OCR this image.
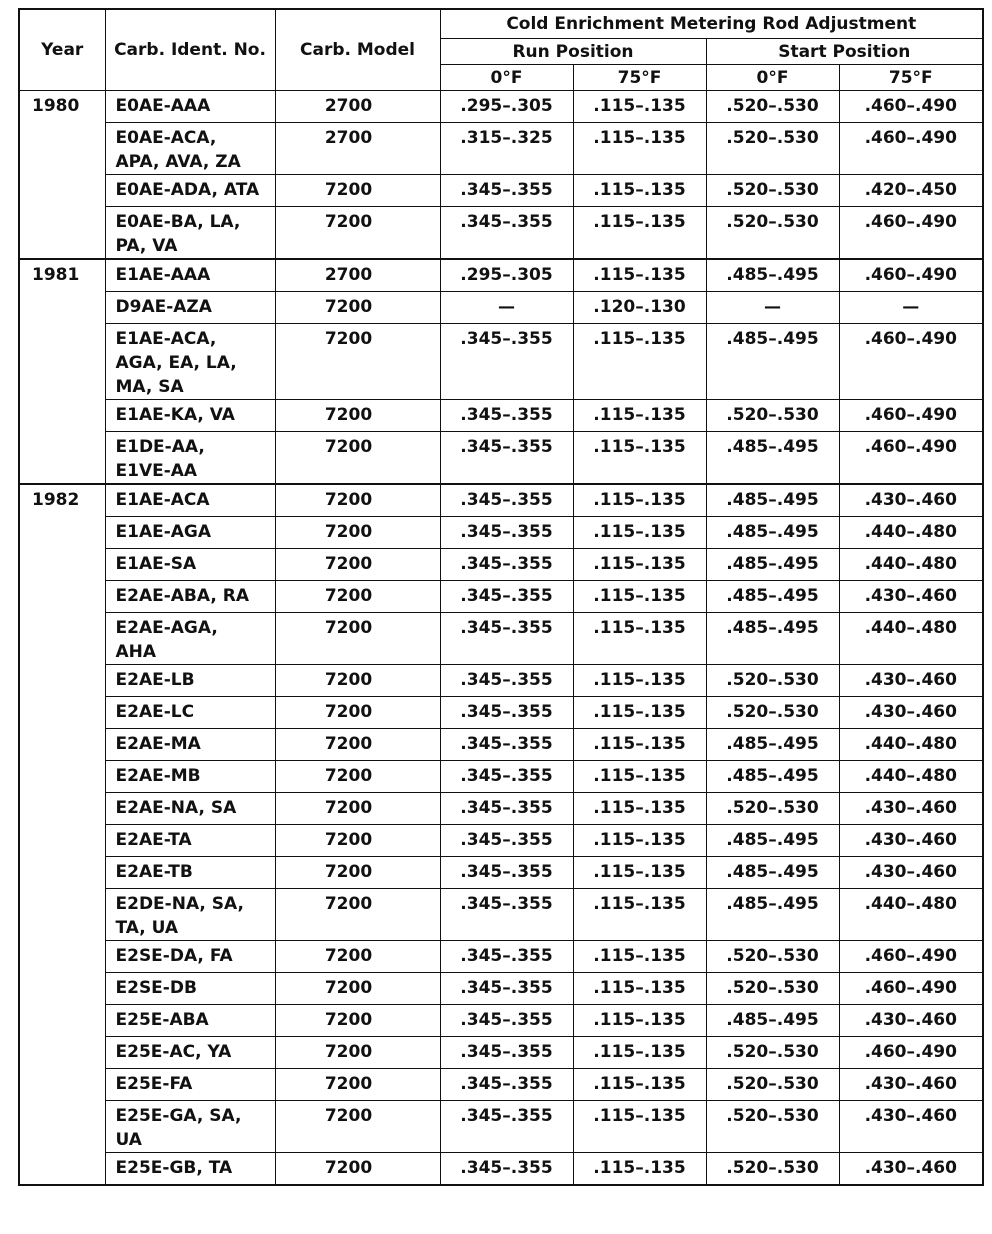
Year	Carb. Ident. No.	Carb. Model	Cold Enrichment Metering Rod Adjustment			
			Run Position		Start Position	
			0°F	75°F	0°F	75°F
1980	E0AE-AAA	2700	.295–.305	.115–.135	.520–.530	.460–.490
	E0AE-ACA, APA, AVA, ZA	2700	.315–.325	.115–.135	.520–.530	.460–.490
	E0AE-ADA, ATA	7200	.345–.355	.115–.135	.520–.530	.420–.450
	E0AE-BA, LA, PA, VA	7200	.345–.355	.115–.135	.520–.530	.460–.490
1981	E1AE-AAA	2700	.295–.305	.115–.135	.485–.495	.460–.490
	D9AE-AZA	7200	—	.120–.130	—	—
	E1AE-ACA, AGA, EA, LA, MA, SA	7200	.345–.355	.115–.135	.485–.495	.460–.490
	E1AE-KA, VA	7200	.345–.355	.115–.135	.520–.530	.460–.490
	E1DE-AA, E1VE-AA	7200	.345–.355	.115–.135	.485–.495	.460–.490
1982	E1AE-ACA	7200	.345–.355	.115–.135	.485–.495	.430–.460
	E1AE-AGA	7200	.345–.355	.115–.135	.485–.495	.440–.480
	E1AE-SA	7200	.345–.355	.115–.135	.485–.495	.440–.480
	E2AE-ABA, RA	7200	.345–.355	.115–.135	.485–.495	.430–.460
	E2AE-AGA, AHA	7200	.345–.355	.115–.135	.485–.495	.440–.480
	E2AE-LB	7200	.345–.355	.115–.135	.520–.530	.430–.460
	E2AE-LC	7200	.345–.355	.115–.135	.520–.530	.430–.460
	E2AE-MA	7200	.345–.355	.115–.135	.485–.495	.440–.480
	E2AE-MB	7200	.345–.355	.115–.135	.485–.495	.440–.480
	E2AE-NA, SA	7200	.345–.355	.115–.135	.520–.530	.430–.460
	E2AE-TA	7200	.345–.355	.115–.135	.485–.495	.430–.460
	E2AE-TB	7200	.345–.355	.115–.135	.485–.495	.430–.460
	E2DE-NA, SA, TA, UA	7200	.345–.355	.115–.135	.485–.495	.440–.480
	E2SE-DA, FA	7200	.345–.355	.115–.135	.520–.530	.460–.490
	E2SE-DB	7200	.345–.355	.115–.135	.520–.530	.460–.490
	E25E-ABA	7200	.345–.355	.115–.135	.485–.495	.430–.460
	E25E-AC, YA	7200	.345–.355	.115–.135	.520–.530	.460–.490
	E25E-FA	7200	.345–.355	.115–.135	.520–.530	.430–.460
	E25E-GA, SA, UA	7200	.345–.355	.115–.135	.520–.530	.430–.460
	E25E-GB, TA	7200	.345–.355	.115–.135	.520–.530	.430–.460
